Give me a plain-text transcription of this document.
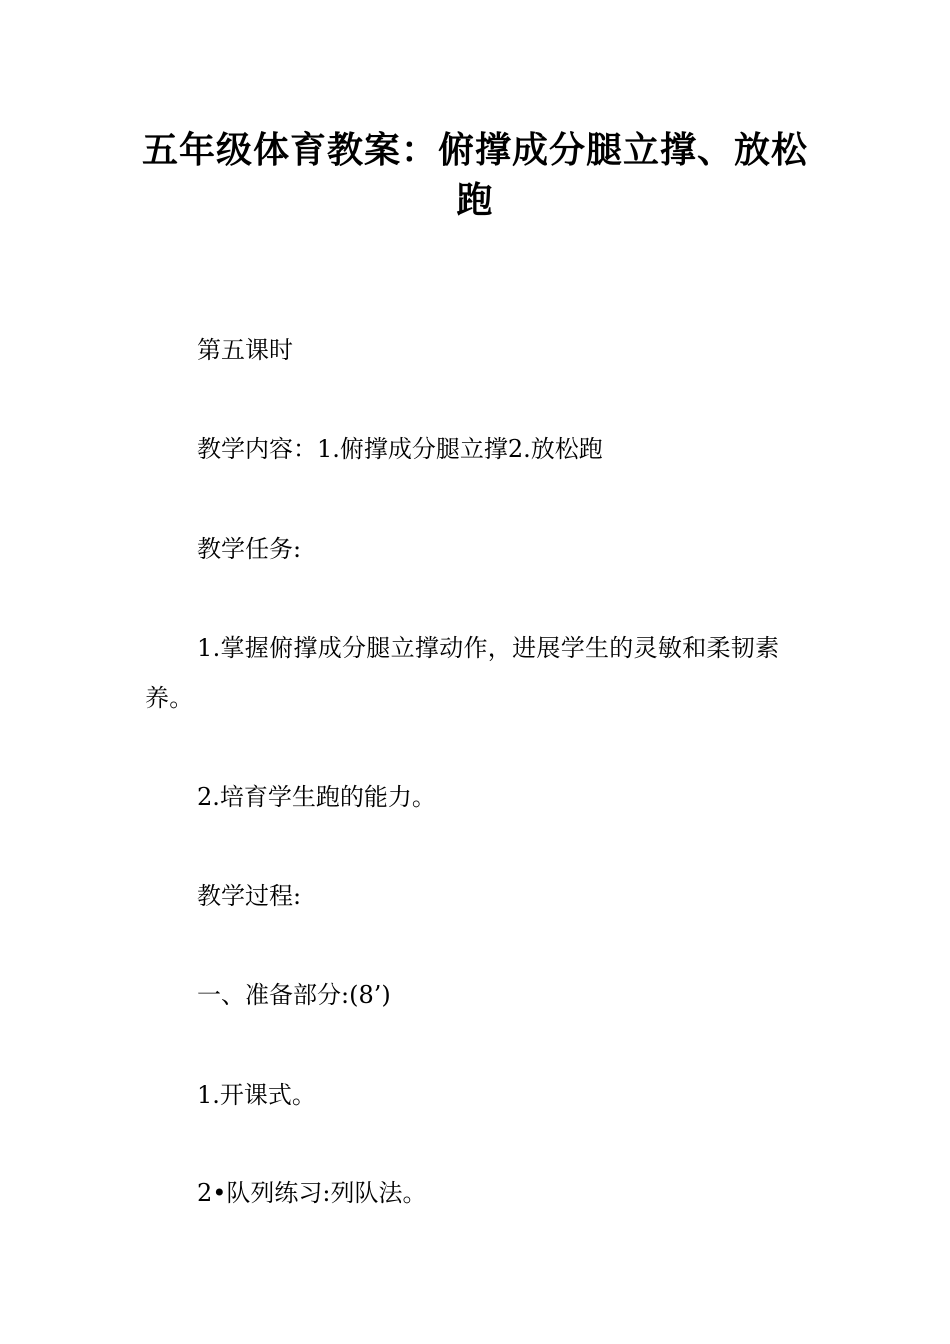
五年级体育教案：俯撑成分腿立撑、放松跑

第五课时

教学内容：1.俯撑成分腿立撑2.放松跑

教学任务:

1.掌握俯撑成分腿立撑动作，进展学生的灵敏和柔韧素养。

2.培育学生跑的能力。

教学过程:

一、准备部分:(8’)

1.开课式。

2•队列练习:列队法。
